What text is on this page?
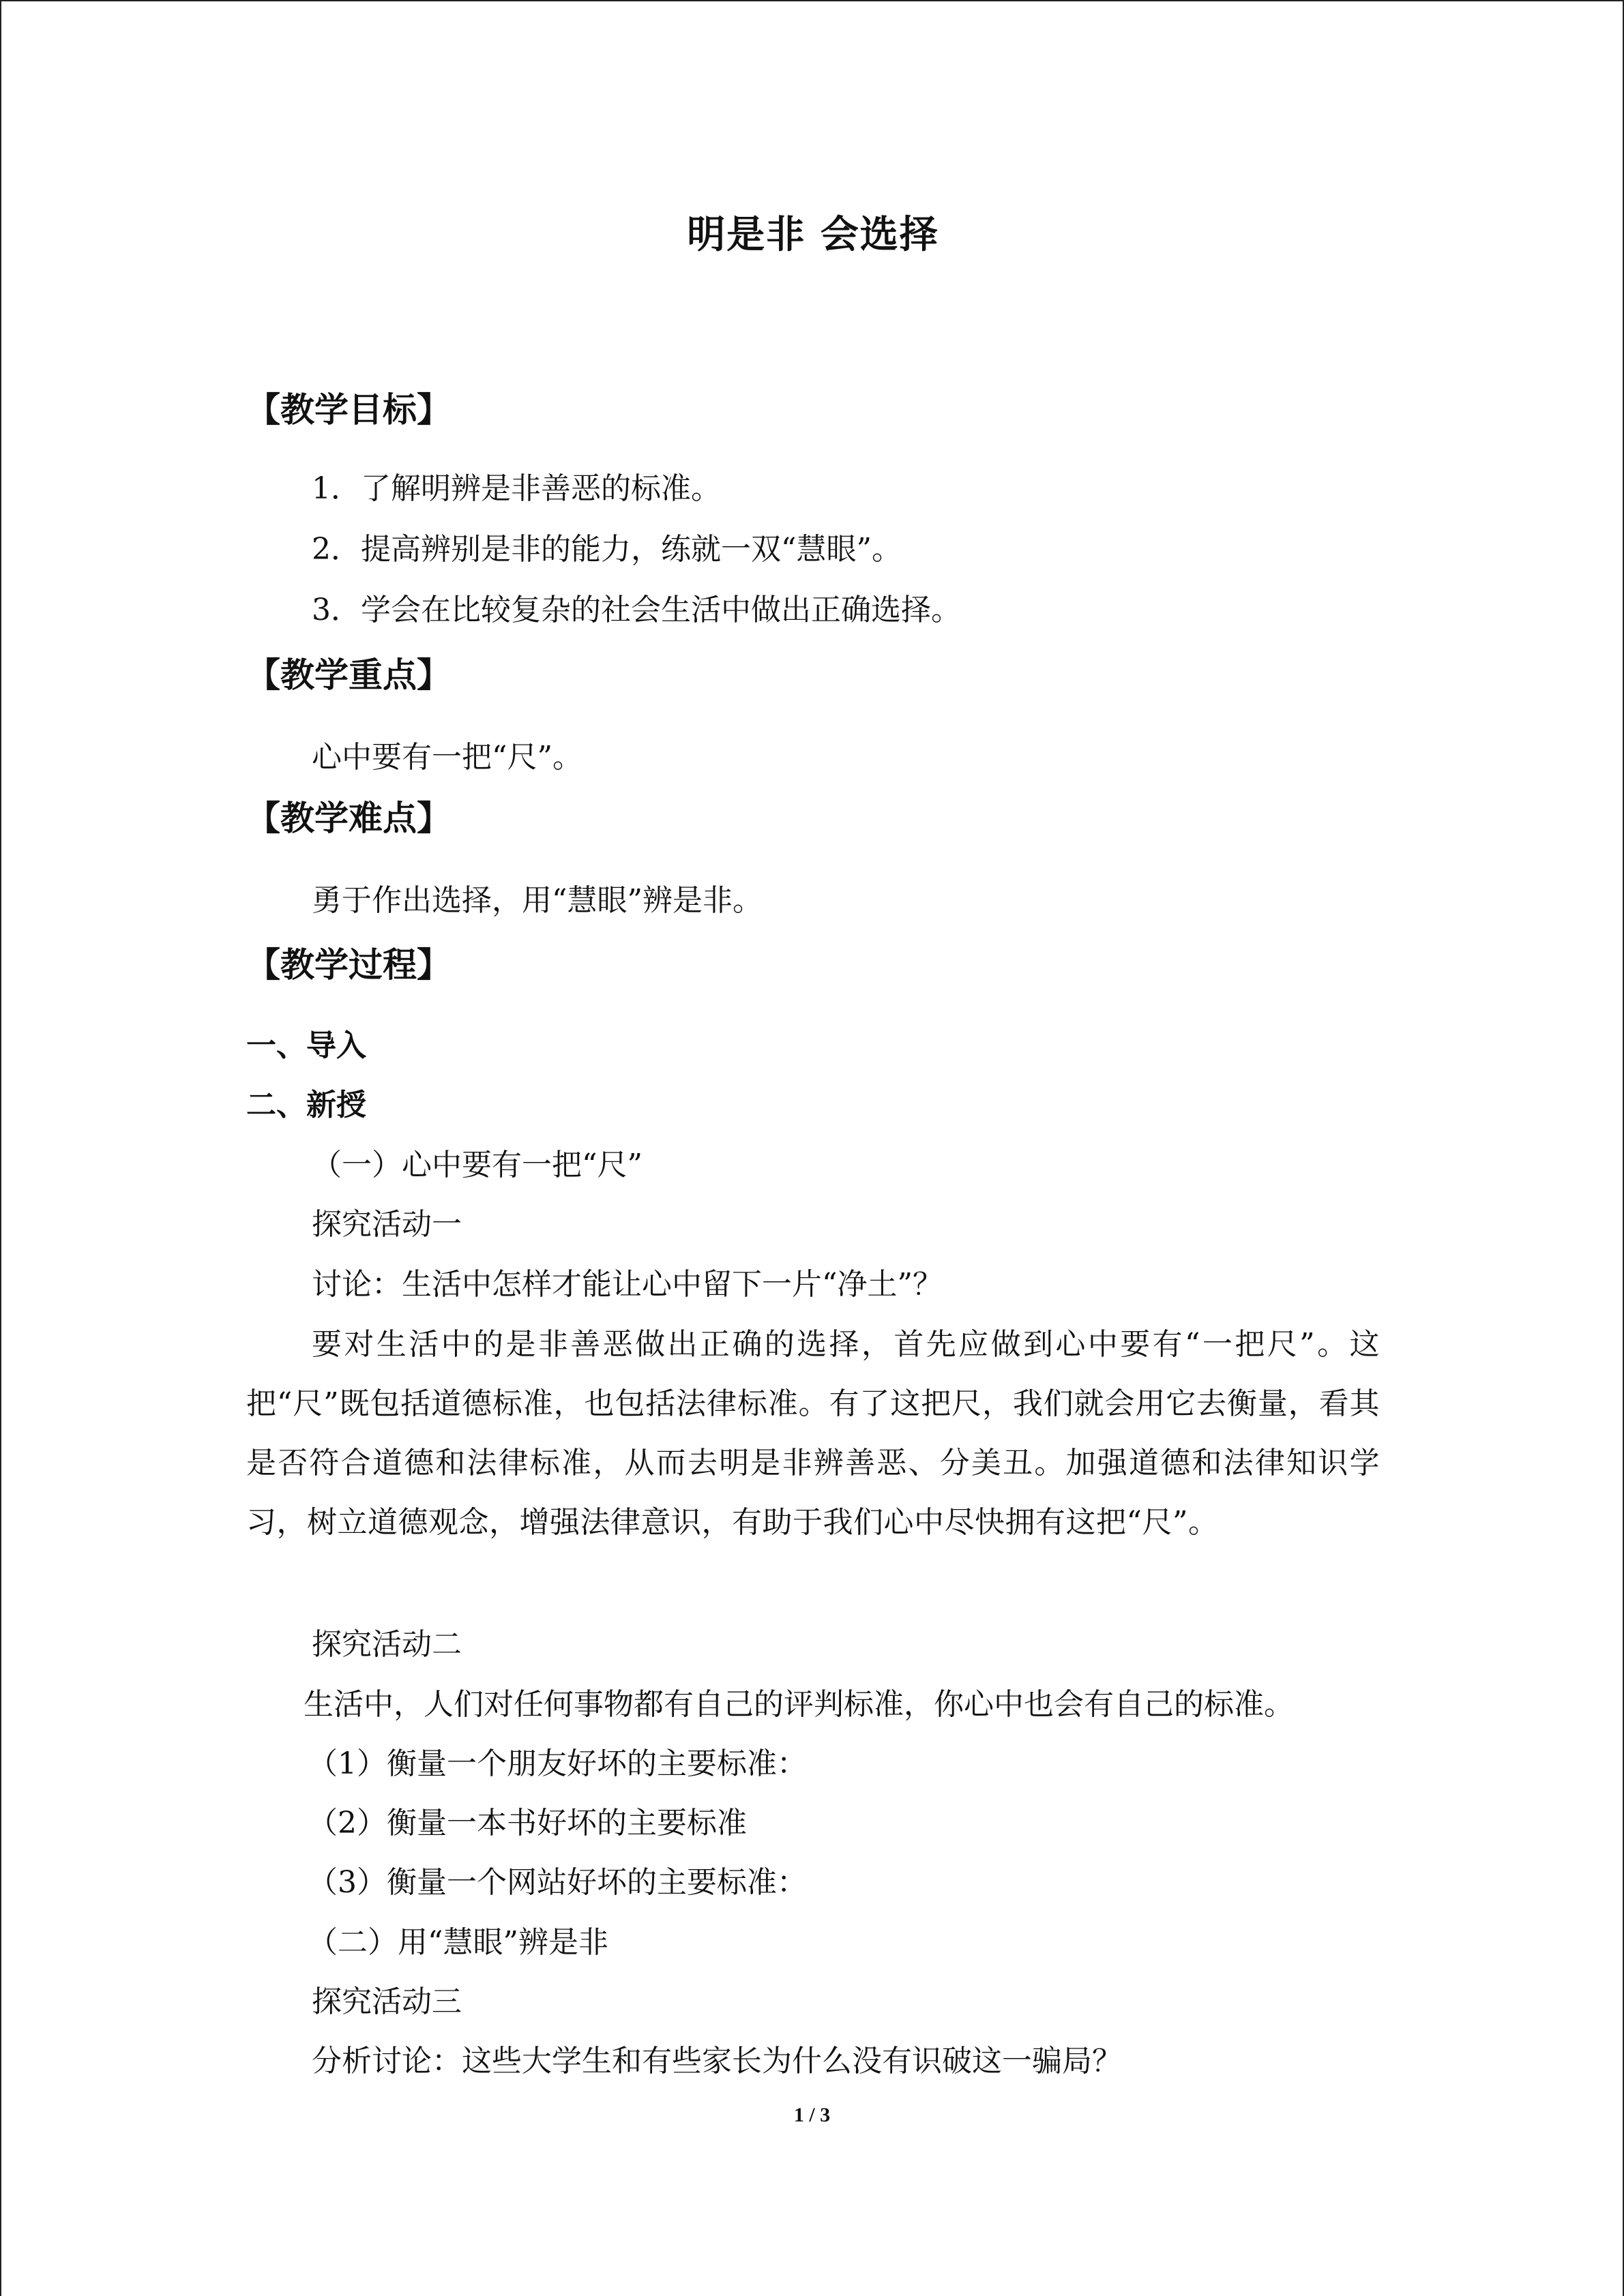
明是非 会选择
【教学目标】
1．了解明辨是非善恶的标准。
2．提高辨别是非的能力，练就一双“慧眼”。
3．学会在比较复杂的社会生活中做出正确选择。
【教学重点】
心中要有一把“尺”。
【教学难点】
勇于作出选择，用“慧眼”辨是非。
【教学过程】
一、导入
二、新授
（一）心中要有一把“尺”
探究活动一
讨论：生活中怎样才能让心中留下一片“净土”？
要对生活中的是非善恶做出正确的选择，首先应做到心中要有“一把尺”。这把“尺”既包括道德标准，也包括法律标准。有了这把尺，我们就会用它去衡量，看其是否符合道德和法律标准，从而去明是非辨善恶、分美丑。加强道德和法律知识学习，树立道德观念，增强法律意识，有助于我们心中尽快拥有这把“尺”。
探究活动二
生活中，人们对任何事物都有自己的评判标准，你心中也会有自己的标准。
（1）衡量一个朋友好坏的主要标准：
（2）衡量一本书好坏的主要标准
（3）衡量一个网站好坏的主要标准：
（二）用“慧眼”辨是非
探究活动三
分析讨论：这些大学生和有些家长为什么没有识破这一骗局？
1 / 3
